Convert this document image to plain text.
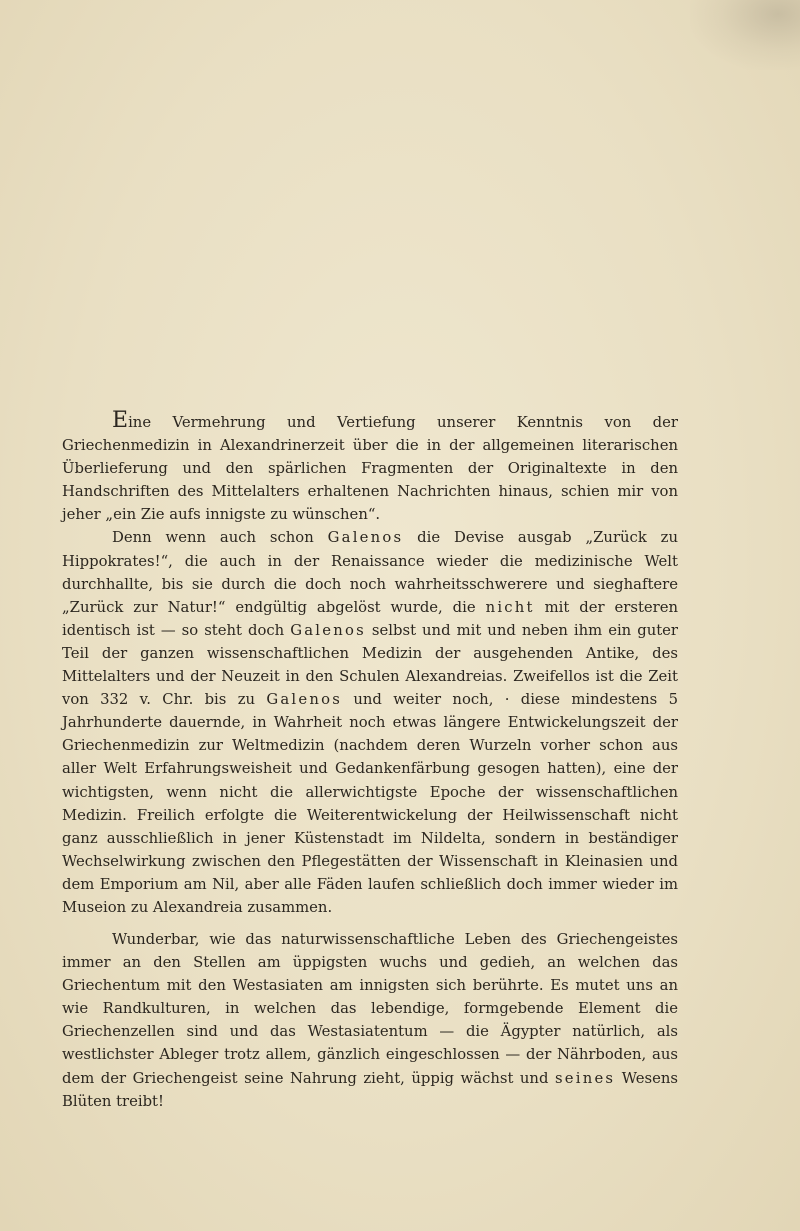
Eine Vermehrung und Vertiefung unserer Kenntnis von der Griechenmedizin in Alexandrinerzeit über die in der allgemeinen literarischen Überlieferung und den spärlichen Fragmenten der Originaltexte in den Handschriften des Mittelalters erhaltenen Nachrichten hinaus, schien mir von jeher „ein Zie aufs innigste zu wünschen“.

Denn wenn auch schon Galenos die Devise ausgab „Zurück zu Hippokrates!“, die auch in der Renaissance wieder die medizinische Welt durchhallte, bis sie durch die doch noch wahrheitsschwerere und sieghaftere „Zurück zur Natur!“ endgültig abgelöst wurde, die nicht mit der ersteren identisch ist — so steht doch Galenos selbst und mit und neben ihm ein guter Teil der ganzen wissenschaftlichen Medizin der ausgehenden Antike, des Mittelalters und der Neuzeit in den Schulen Alexandreias. Zweifellos ist die Zeit von 332 v. Chr. bis zu Galenos und weiter noch, · diese mindestens 5 Jahrhunderte dauernde, in Wahrheit noch etwas längere Entwickelungszeit der Griechenmedizin zur Weltmedizin (nachdem deren Wurzeln vorher schon aus aller Welt Erfahrungsweisheit und Gedankenfärbung gesogen hatten), eine der wichtigsten, wenn nicht die allerwichtigste Epoche der wissenschaftlichen Medizin. Freilich erfolgte die Weiterentwickelung der Heilwissenschaft nicht ganz ausschließlich in jener Küstenstadt im Nildelta, sondern in beständiger Wechselwirkung zwischen den Pflegestätten der Wissenschaft in Kleinasien und dem Emporium am Nil, aber alle Fäden laufen schließlich doch immer wieder im Museion zu Alexandreia zusammen.

Wunderbar, wie das naturwissenschaftliche Leben des Griechengeistes immer an den Stellen am üppigsten wuchs und gedieh, an welchen das Griechentum mit den Westasiaten am innigsten sich berührte. Es mutet uns an wie Randkulturen, in welchen das lebendige, formgebende Element die Griechenzellen sind und das Westasiatentum — die Ägypter natürlich, als westlichster Ableger trotz allem, gänzlich eingeschlossen — der Nährboden, aus dem der Griechengeist seine Nahrung zieht, üppig wächst und seines Wesens Blüten treibt!
